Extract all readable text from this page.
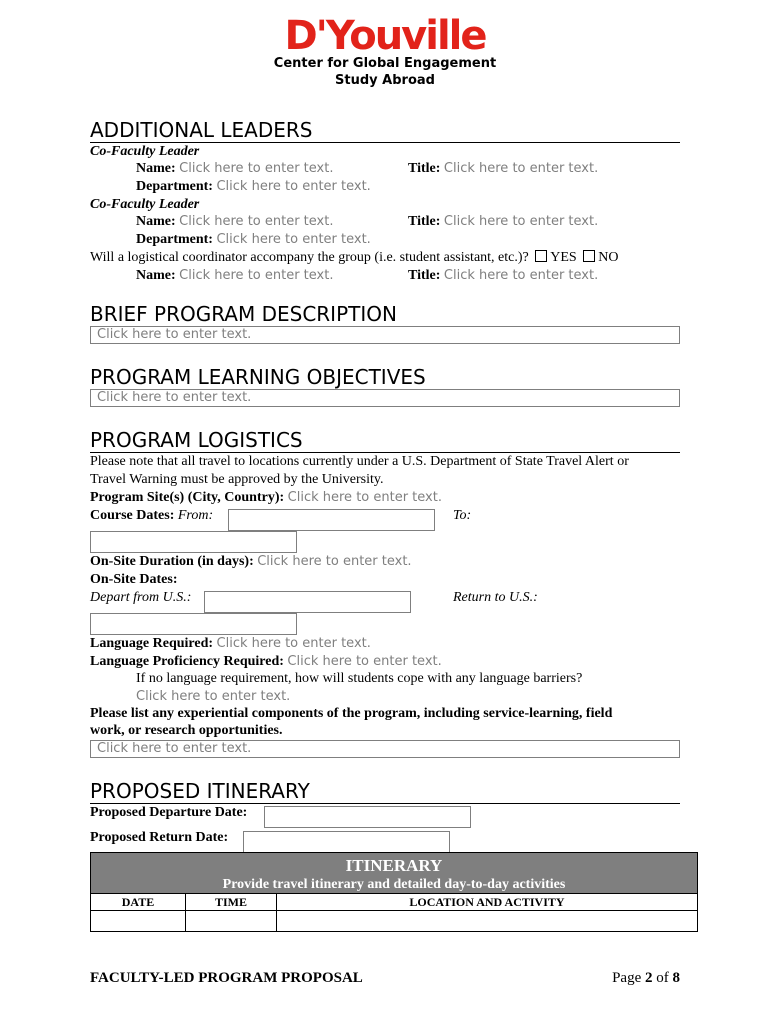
D'Youville
Center for Global Engagement
Study Abroad
ADDITIONAL LEADERS
Co-Faculty Leader
Name: Click here to enter text.	Title: Click here to enter text.
Department: Click here to enter text.
Co-Faculty Leader
Name: Click here to enter text.	Title: Click here to enter text.
Department: Click here to enter text.
Will a logistical coordinator accompany the group (i.e. student assistant, etc.)? YES NO
Name: Click here to enter text.	Title: Click here to enter text.
BRIEF PROGRAM DESCRIPTION
Click here to enter text.
PROGRAM LEARNING OBJECTIVES
Click here to enter text.
PROGRAM LOGISTICS
Please note that all travel to locations currently under a U.S. Department of State Travel Alert or
Travel Warning must be approved by the University.
Program Site(s) (City, Country): Click here to enter text.
Course Dates: From:	To:
On-Site Duration (in days): Click here to enter text.
On-Site Dates:
Depart from U.S.:	Return to U.S.:
Language Required: Click here to enter text.
Language Proficiency Required: Click here to enter text.
If no language requirement, how will students cope with any language barriers?
Click here to enter text.
Please list any experiential components of the program, including service-learning, field
work, or research opportunities.
Click here to enter text.
PROPOSED ITINERARY
Proposed Departure Date:
Proposed Return Date:
ITINERARY
Provide travel itinerary and detailed day-to-day activities		

DATE	TIME	LOCATION AND ACTIVITY

FACULTY-LED PROGRAM PROPOSAL	Page 2 of 8
